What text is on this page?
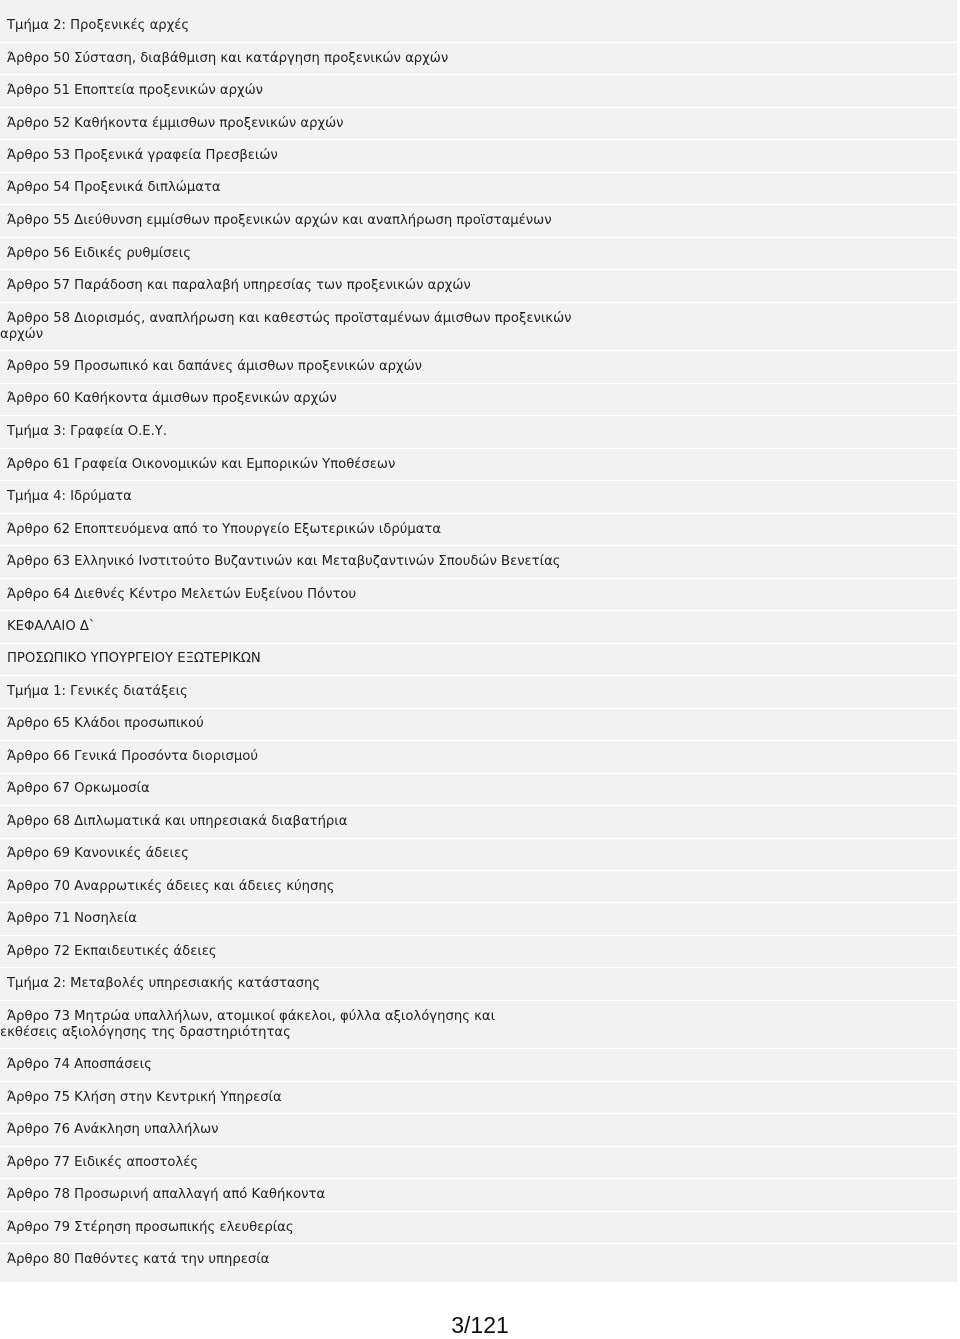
Τμήμα 2: Προξενικές αρχές
Άρθρο 50 Σύσταση, διαβάθμιση και κατάργηση προξενικών αρχών
Άρθρο 51 Εποπτεία προξενικών αρχών
Άρθρο 52 Καθήκοντα έμμισθων προξενικών αρχών
Άρθρο 53 Προξενικά γραφεία Πρεσβειών
Άρθρο 54 Προξενικά διπλώματα
Άρθρο 55 Διεύθυνση εμμίσθων προξενικών αρχών και αναπλήρωση προϊσταμένων
Άρθρο 56 Ειδικές ρυθμίσεις
Άρθρο 57 Παράδοση και παραλαβή υπηρεσίας των προξενικών αρχών
Άρθρο 58 Διορισμός, αναπλήρωση και καθεστώς προϊσταμένων άμισθων προξενικών αρχών
Άρθρο 59 Προσωπικό και δαπάνες άμισθων προξενικών αρχών
Άρθρο 60 Καθήκοντα άμισθων προξενικών αρχών
Τμήμα 3: Γραφεία Ο.Ε.Υ.
Άρθρο 61 Γραφεία Οικονομικών και Εμπορικών Υποθέσεων
Τμήμα 4: Ιδρύματα
Άρθρο 62 Εποπτευόμενα από το Υπουργείο Εξωτερικών ιδρύματα
Άρθρο 63 Ελληνικό Ινστιτούτο Βυζαντινών και Μεταβυζαντινών Σπουδών Βενετίας
Άρθρο 64 Διεθνές Κέντρο Μελετών Ευξείνου Πόντου
ΚΕΦΑΛΑΙΟ Δ`
ΠΡΟΣΩΠΙΚΟ ΥΠΟΥΡΓΕΙΟΥ ΕΞΩΤΕΡΙΚΩΝ
Τμήμα 1: Γενικές διατάξεις
Άρθρο 65 Κλάδοι προσωπικού
Άρθρο 66 Γενικά Προσόντα διορισμού
Άρθρο 67 Ορκωμοσία
Άρθρο 68 Διπλωματικά και υπηρεσιακά διαβατήρια
Άρθρο 69 Κανονικές άδειες
Άρθρο 70 Αναρρωτικές άδειες και άδειες κύησης
Άρθρο 71 Νοσηλεία
Άρθρο 72 Εκπαιδευτικές άδειες
Τμήμα 2: Μεταβολές υπηρεσιακής κατάστασης
Άρθρο 73 Μητρώα υπαλλήλων, ατομικοί φάκελοι, φύλλα αξιολόγησης και εκθέσεις αξιολόγησης της δραστηριότητας
Άρθρο 74 Αποσπάσεις
Άρθρο 75 Κλήση στην Κεντρική Υπηρεσία
Άρθρο 76 Ανάκληση υπαλλήλων
Άρθρο 77 Ειδικές αποστολές
Άρθρο 78 Προσωρινή απαλλαγή από Καθήκοντα
Άρθρο 79 Στέρηση προσωπικής ελευθερίας
Άρθρο 80 Παθόντες κατά την υπηρεσία
3/121
